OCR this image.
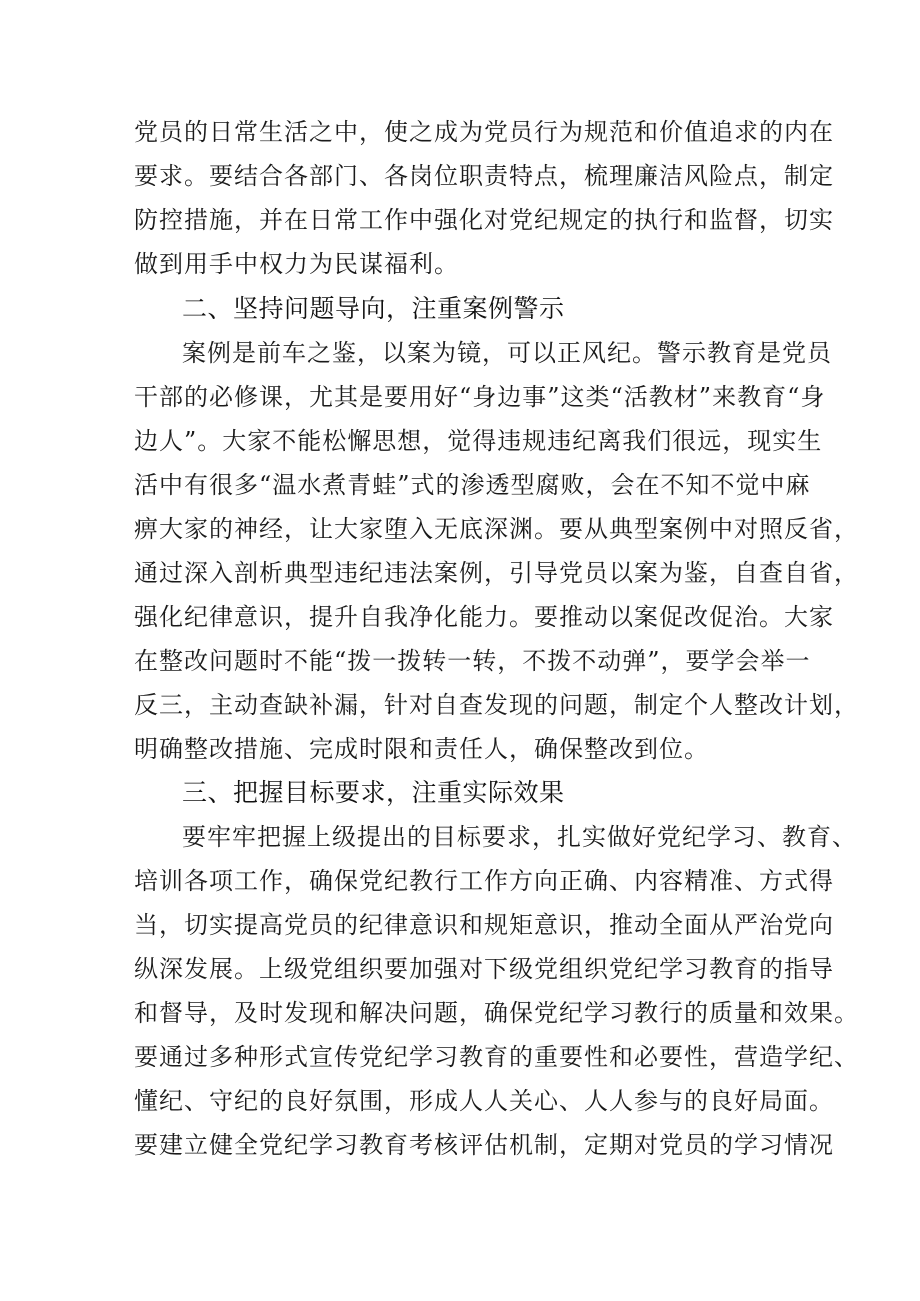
党员的日常生活之中，使之成为党员行为规范和价值追求的内在
要求。要结合各部门、各岗位职责特点，梳理廉洁风险点，制定
防控措施，并在日常工作中强化对党纪规定的执行和监督，切实
做到用手中权力为民谋福利。
二、坚持问题导向，注重案例警示
案例是前车之鉴，以案为镜，可以正风纪。警示教育是党员
干部的必修课，尤其是要用好“身边事”这类“活教材”来教育“身
边人”。大家不能松懈思想，觉得违规违纪离我们很远，现实生
活中有很多“温水煮青蛙”式的渗透型腐败，会在不知不觉中麻
痹大家的神经，让大家堕入无底深渊。要从典型案例中对照反省，
通过深入剖析典型违纪违法案例，引导党员以案为鉴，自查自省，
强化纪律意识，提升自我净化能力。要推动以案促改促治。大家
在整改问题时不能“拨一拨转一转，不拨不动弹”，要学会举一
反三，主动查缺补漏，针对自查发现的问题，制定个人整改计划，
明确整改措施、完成时限和责任人，确保整改到位。
三、把握目标要求，注重实际效果
要牢牢把握上级提出的目标要求，扎实做好党纪学习、教育、
培训各项工作，确保党纪教行工作方向正确、内容精准、方式得
当，切实提高党员的纪律意识和规矩意识，推动全面从严治党向
纵深发展。上级党组织要加强对下级党组织党纪学习教育的指导
和督导，及时发现和解决问题，确保党纪学习教行的质量和效果。
要通过多种形式宣传党纪学习教育的重要性和必要性，营造学纪、
懂纪、守纪的良好氛围，形成人人关心、人人参与的良好局面。
要建立健全党纪学习教育考核评估机制，定期对党员的学习情况
